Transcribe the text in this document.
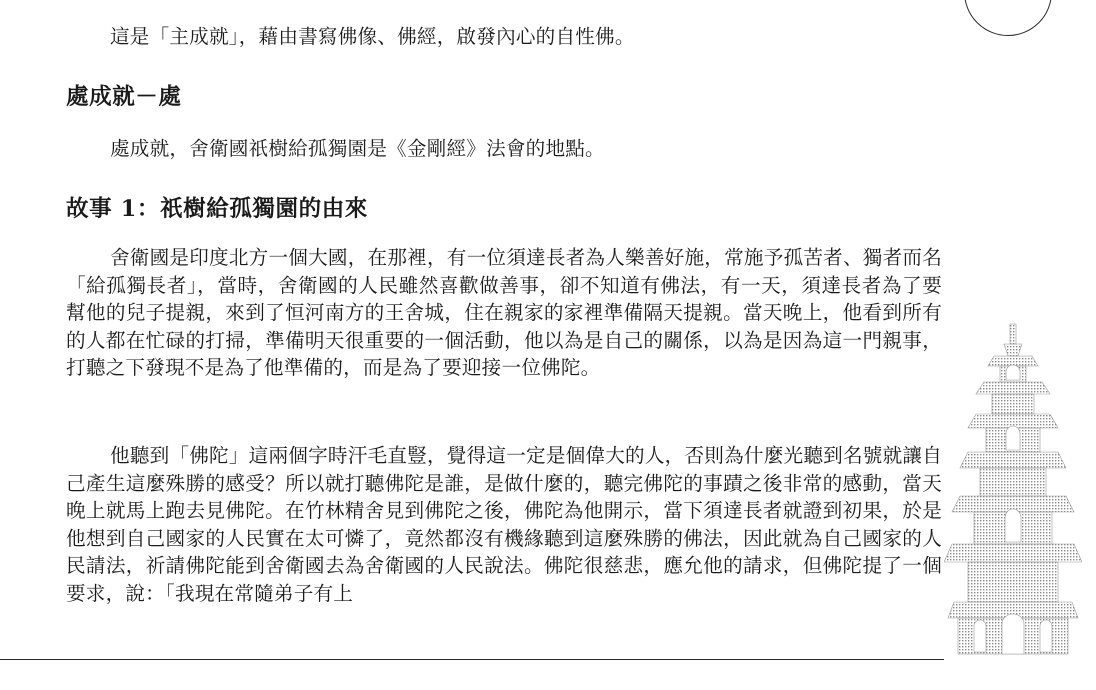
這是「主成就」，藉由書寫佛像、佛經，啟發內心的自性佛。

處成就－處

處成就，舍衛國祇樹給孤獨園是《金剛經》法會的地點。

故事 1：祇樹給孤獨園的由來

舍衛國是印度北方一個大國，在那裡，有一位須達長者為人樂善好施，常施予孤苦者、獨者而名「給孤獨長者」，當時，舍衛國的人民雖然喜歡做善事，卻不知道有佛法，有一天，須達長者為了要幫他的兒子提親，來到了恒河南方的王舍城，住在親家的家裡準備隔天提親。當天晚上，他看到所有的人都在忙碌的打掃，準備明天很重要的一個活動，他以為是自己的關係，以為是因為這一門親事，打聽之下發現不是為了他準備的，而是為了要迎接一位佛陀。

他聽到「佛陀」這兩個字時汗毛直豎，覺得這一定是個偉大的人，否則為什麼光聽到名號就讓自己產生這麼殊勝的感受？所以就打聽佛陀是誰，是做什麼的，聽完佛陀的事蹟之後非常的感動，當天晚上就馬上跑去見佛陀。在竹林精舍見到佛陀之後，佛陀為他開示，當下須達長者就證到初果，於是他想到自己國家的人民實在太可憐了，竟然都沒有機緣聽到這麼殊勝的佛法，因此就為自己國家的人民請法，祈請佛陀能到舍衛國去為舍衛國的人民說法。佛陀很慈悲，應允他的請求，但佛陀提了一個要求，說：「我現在常隨弟子有上
